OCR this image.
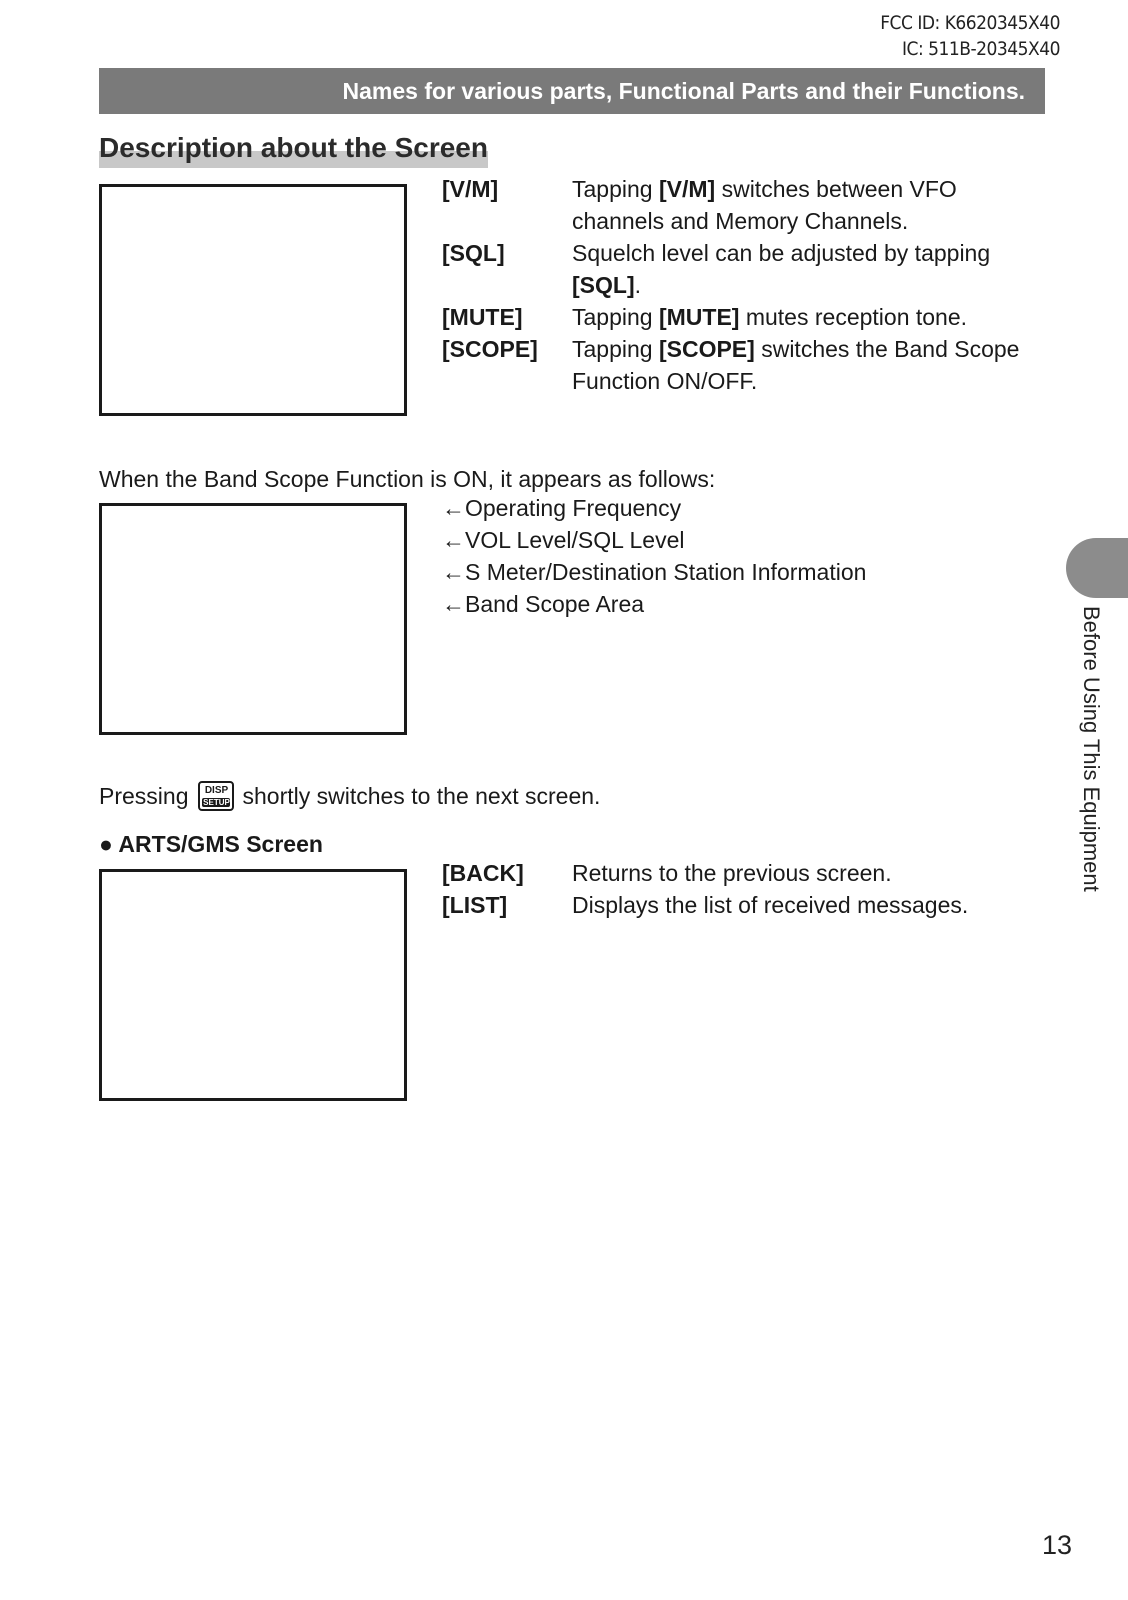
FCC ID: K6620345X40
IC: 511B-20345X40
Names for various parts, Functional Parts and their Functions.
Description about the Screen
[V/M]	Tapping [V/M] switches between VFO channels and Memory Channels.
[SQL]	Squelch level can be adjusted by tapping [SQL].
[MUTE]	Tapping [MUTE] mutes reception tone.
[SCOPE]	Tapping [SCOPE] switches the Band Scope Function ON/OFF.
When the Band Scope Function is ON, it appears as follows:
←Operating Frequency
←VOL Level/SQL Level
←S Meter/Destination Station Information
←Band Scope Area
Pressing DISP
SETUP shortly switches to the next screen.
● ARTS/GMS Screen
[BACK]	Returns to the previous screen.
[LIST]	Displays the list of received messages.
Before Using This Equipment
13
